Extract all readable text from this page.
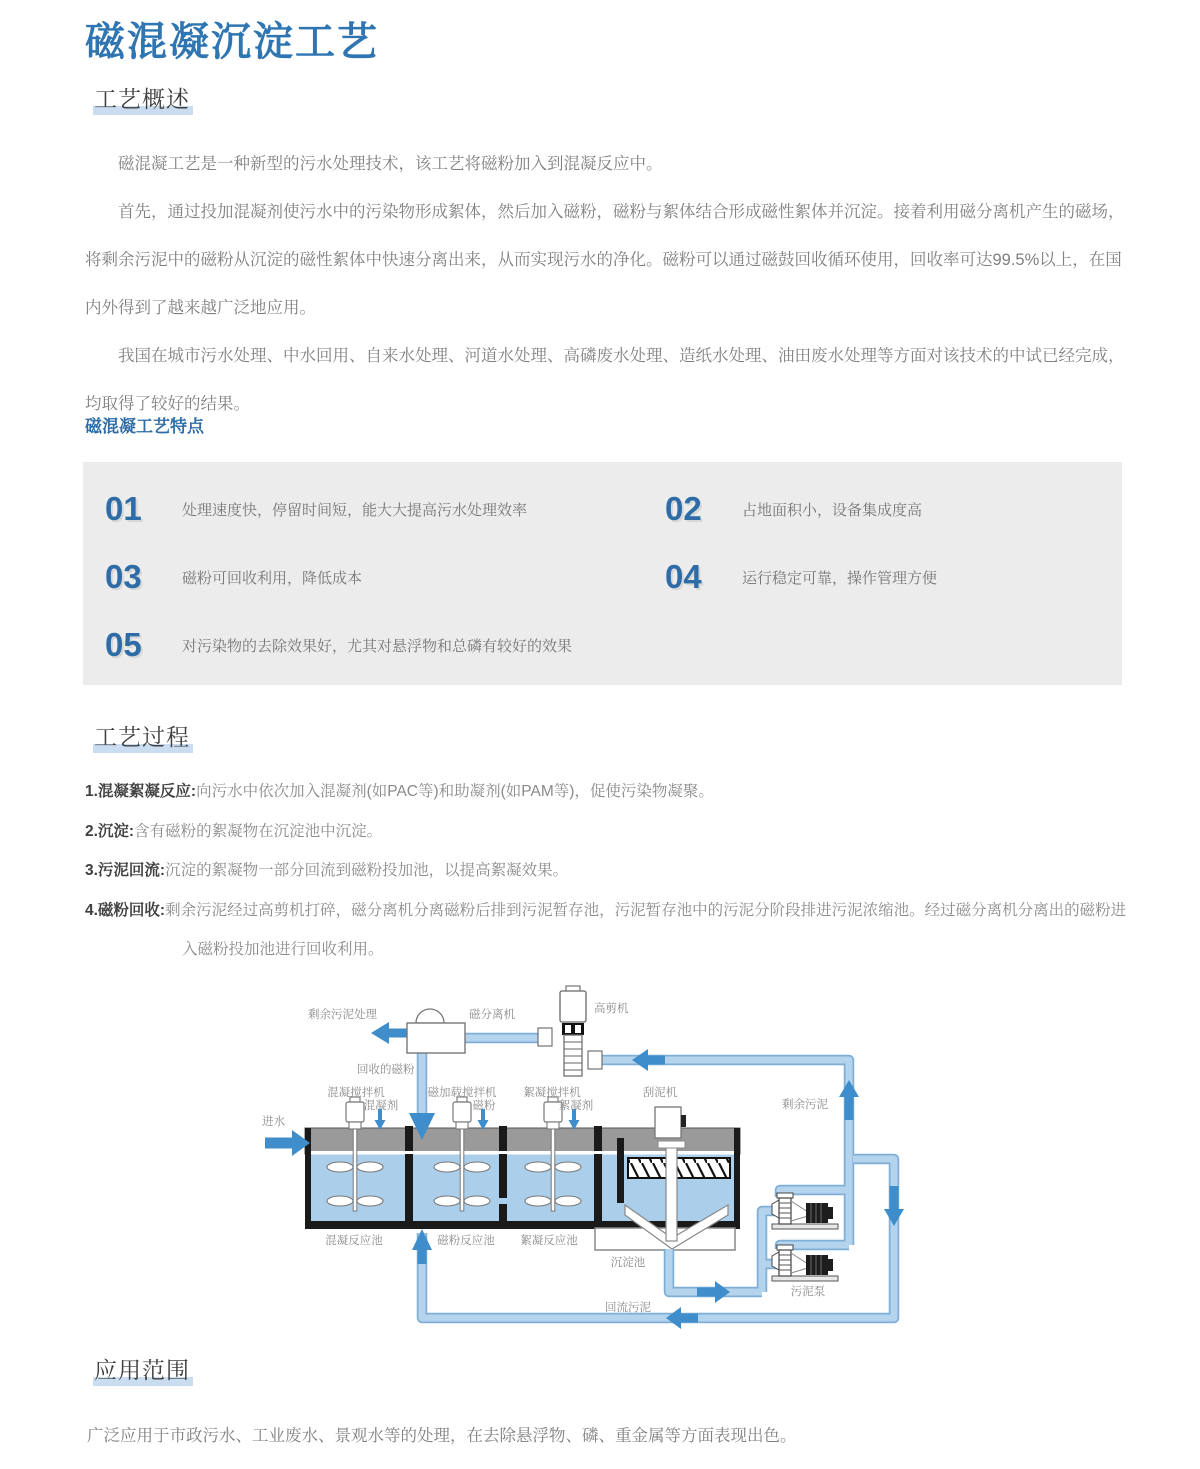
磁混凝沉淀工艺
工艺概述

磁混凝工艺是一种新型的污水处理技术，该工艺将磁粉加入到混凝反应中。

首先，通过投加混凝剂使污水中的污染物形成絮体，然后加入磁粉，磁粉与絮体结合形成磁性絮体并沉淀。接着利用磁分离机产生的磁场，将剩余污泥中的磁粉从沉淀的磁性絮体中快速分离出来，从而实现污水的净化。磁粉可以通过磁鼓回收循环使用，回收率可达99.5%以上，在国内外得到了越来越广泛地应用。

我国在城市污水处理、中水回用、自来水处理、河道水处理、高磷废水处理、造纸水处理、油田废水处理等方面对该技术的中试已经完成，均取得了较好的结果。

磁混凝工艺特点
01	处理速度快，停留时间短，能大大提高污水处理效率	02	占地面积小，设备集成度高
03	磁粉可回收利用，降低成本	04	运行稳定可靠，操作管理方便
05	对污染物的去除效果好，尤其对悬浮物和总磷有较好的效果
工艺过程
1.混凝絮凝反应:向污水中依次加入混凝剂(如PAC等)和助凝剂(如PAM等)，促使污染物凝聚。
2.沉淀:含有磁粉的絮凝物在沉淀池中沉淀。
3.污泥回流:沉淀的絮凝物一部分回流到磁粉投加池，以提高絮凝效果。
4.磁粉回收:剩余污泥经过高剪机打碎，磁分离机分离磁粉后排到污泥暂存池，污泥暂存池中的污泥分阶段排进污泥浓缩池。经过磁分离机分离出的磁粉进入磁粉投加池进行回收利用。
进水
剩余污泥处理	磁分离机	高剪机
回收的磁粉
混凝搅拌机
混凝剂
磁加载搅拌机
磁粉
絮凝搅拌机
絮凝剂
刮泥机
剩余污泥
混凝反应池	磁粉反应池 絮凝反应池
沉淀池
污泥泵
回流污泥
应用范围

广泛应用于市政污水、工业废水、景观水等的处理，在去除悬浮物、磷、重金属等方面表现出色。
